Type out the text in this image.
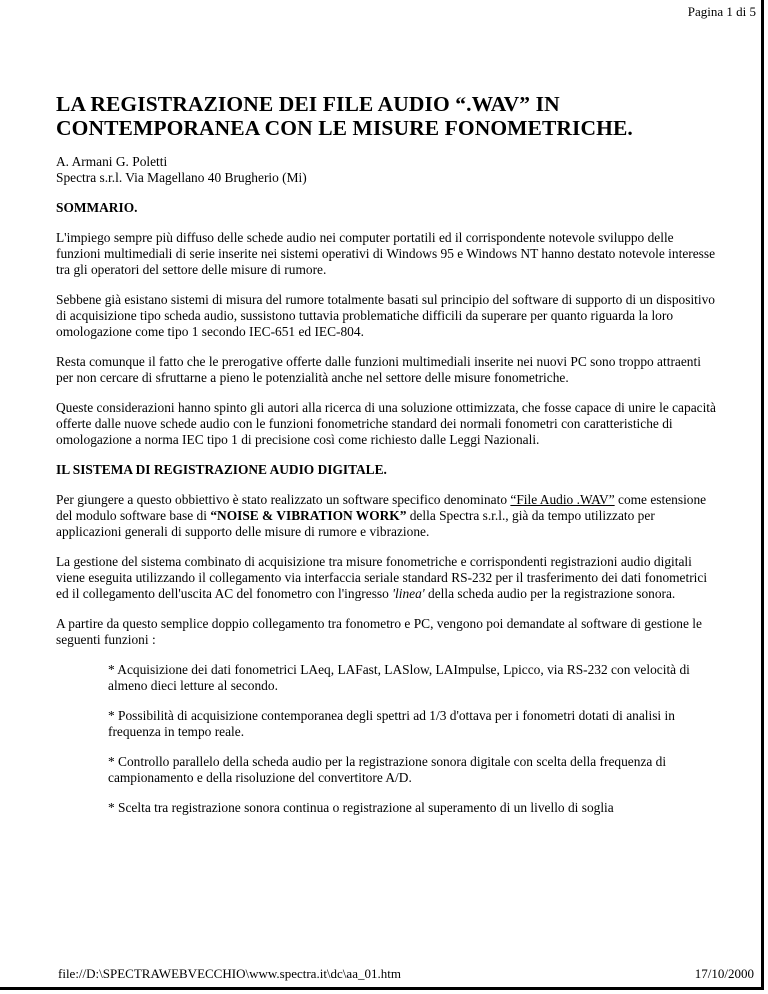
Pagina 1 di 5
LA REGISTRAZIONE DEI FILE AUDIO “.WAV” IN
CONTEMPORANEA CON LE MISURE FONOMETRICHE.

A. Armani G. Poletti
Spectra s.r.l. Via Magellano 40 Brugherio (Mi)

SOMMARIO.

L'impiego sempre più diffuso delle schede audio nei computer portatili ed il corrispondente notevole sviluppo delle funzioni multimediali di serie inserite nei sistemi operativi di Windows 95 e Windows NT hanno destato notevole interesse tra gli operatori del settore delle misure di rumore.

Sebbene già esistano sistemi di misura del rumore totalmente basati sul principio del software di supporto di un dispositivo di acquisizione tipo scheda audio, sussistono tuttavia problematiche difficili da superare per quanto riguarda la loro omologazione come tipo 1 secondo IEC-651 ed IEC-804.

Resta comunque il fatto che le prerogative offerte dalle funzioni multimediali inserite nei nuovi PC sono troppo attraenti per non cercare di sfruttarne a pieno le potenzialità anche nel settore delle misure fonometriche.

Queste considerazioni hanno spinto gli autori alla ricerca di una soluzione ottimizzata, che fosse capace di unire le capacità offerte dalle nuove schede audio con le funzioni fonometriche standard dei normali fonometri con caratteristiche di omologazione a norma IEC tipo 1 di precisione così come richiesto dalle Leggi Nazionali.

IL SISTEMA DI REGISTRAZIONE AUDIO DIGITALE.

Per giungere a questo obbiettivo è stato realizzato un software specifico denominato “File Audio .WAV” come estensione del modulo software base di “NOISE & VIBRATION WORK” della Spectra s.r.l., già da tempo utilizzato per applicazioni generali di supporto delle misure di rumore e vibrazione.

La gestione del sistema combinato di acquisizione tra misure fonometriche e corrispondenti registrazioni audio digitali viene eseguita utilizzando il collegamento via interfaccia seriale standard RS-232 per il trasferimento dei dati fonometrici ed il collegamento dell'uscita AC del fonometro con l'ingresso 'linea' della scheda audio per la registrazione sonora.

A partire da questo semplice doppio collegamento tra fonometro e PC, vengono poi demandate al software di gestione le seguenti funzioni :

* Acquisizione dei dati fonometrici LAeq, LAFast, LASlow, LAImpulse, Lpicco, via RS-232 con velocità di almeno dieci letture al secondo.

* Possibilità di acquisizione contemporanea degli spettri ad 1/3 d'ottava per i fonometri dotati di analisi in frequenza in tempo reale.

* Controllo parallelo della scheda audio per la registrazione sonora digitale con scelta della frequenza di campionamento e della risoluzione del convertitore A/D.

* Scelta tra registrazione sonora continua o registrazione al superamento di un livello di soglia

file://D:\SPECTRAWEBVECCHIO\www.spectra.it\dc\aa_01.htm	17/10/2000
